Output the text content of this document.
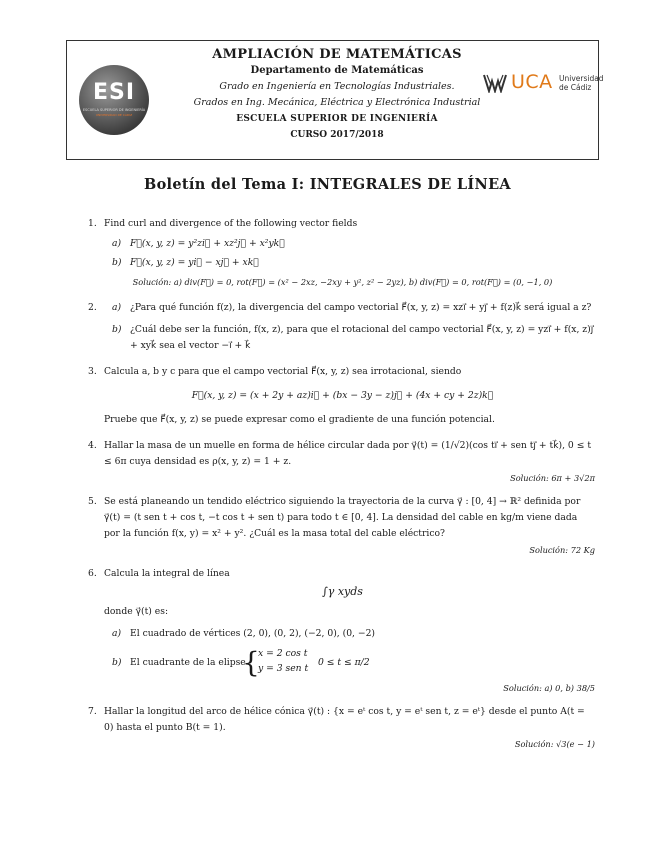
ESI
ESCUELA SUPERIOR DE INGENIERÍA
UNIVERSIDAD DE CÁDIZ
AMPLIACIÓN DE MATEMÁTICAS
Departamento de Matemáticas
Grado en Ingeniería en Tecnologías Industriales.
Grados en Ing. Mecánica, Eléctrica y Electrónica Industrial
ESCUELA SUPERIOR DE INGENIERÍA
CURSO 2017/2018
UCA Universidad
de Cádiz
Boletín del Tema I: INTEGRALES DE LÍNEA
1. Find curl and divergence of the following vector fields
a) F⃗(x, y, z) = y²zi⃗ + xz²j⃗ + x²yk⃗
b) F⃗(x, y, z) = yi⃗ − xj⃗ + xk⃗
Solución: a) div(F⃗) = 0, rot(F⃗) = (x² − 2xz, −2xy + y², z² − 2yz), b) div(F⃗) = 0, rot(F⃗) = (0, −1, 0)
2. a) ¿Para qué función f(z), la divergencia del campo vectorial F⃗(x, y, z) = xzi⃗ + yj⃗ + f(z)k⃗ será igual a z?
b) ¿Cuál debe ser la función, f(x, z), para que el rotacional del campo vectorial F⃗(x, y, z) = yzi⃗ + f(x, z)j⃗ + xyk⃗ sea el vector −i⃗ + k⃗
3. Calcula a, b y c para que el campo vectorial F⃗(x, y, z) sea irrotacional, siendo
F⃗(x, y, z) = (x + 2y + az)i⃗ + (bx − 3y − z)j⃗ + (4x + cy + 2z)k⃗
Pruebe que F⃗(x, y, z) se puede expresar como el gradiente de una función potencial.
4. Hallar la masa de un muelle en forma de hélice circular dada por γ⃗(t) = (1/√2)(cos ti⃗ + sen tj⃗ + tk⃗), 0 ≤ t ≤ 6π cuya densidad es ρ(x, y, z) = 1 + z.
Solución: 6π + 3√2π
5. Se está planeando un tendido eléctrico siguiendo la trayectoria de la curva γ⃗ : [0, 4] → ℝ² definida por γ⃗(t) = (t sen t + cos t, −t cos t + sen t) para todo t ∈ [0, 4]. La densidad del cable en kg/m viene dada por la función f(x, y) = x² + y². ¿Cuál es la masa total del cable eléctrico?
Solución: 72 Kg
6. Calcula la integral de línea
∫γ xyds
donde γ⃗(t) es:
a) El cuadrado de vértices (2, 0), (0, 2), (−2, 0), (0, −2)
b) El cuadrante de la elipse
{
x = 2 cos t
y = 3 sen t
0 ≤ t ≤ π/2
Solución: a) 0, b) 38/5
7. Hallar la longitud del arco de hélice cónica γ⃗(t) : {x = eᵗ cos t, y = eᵗ sen t, z = eᵗ} desde el punto A(t = 0) hasta el punto B(t = 1).
Solución: √3(e − 1)
